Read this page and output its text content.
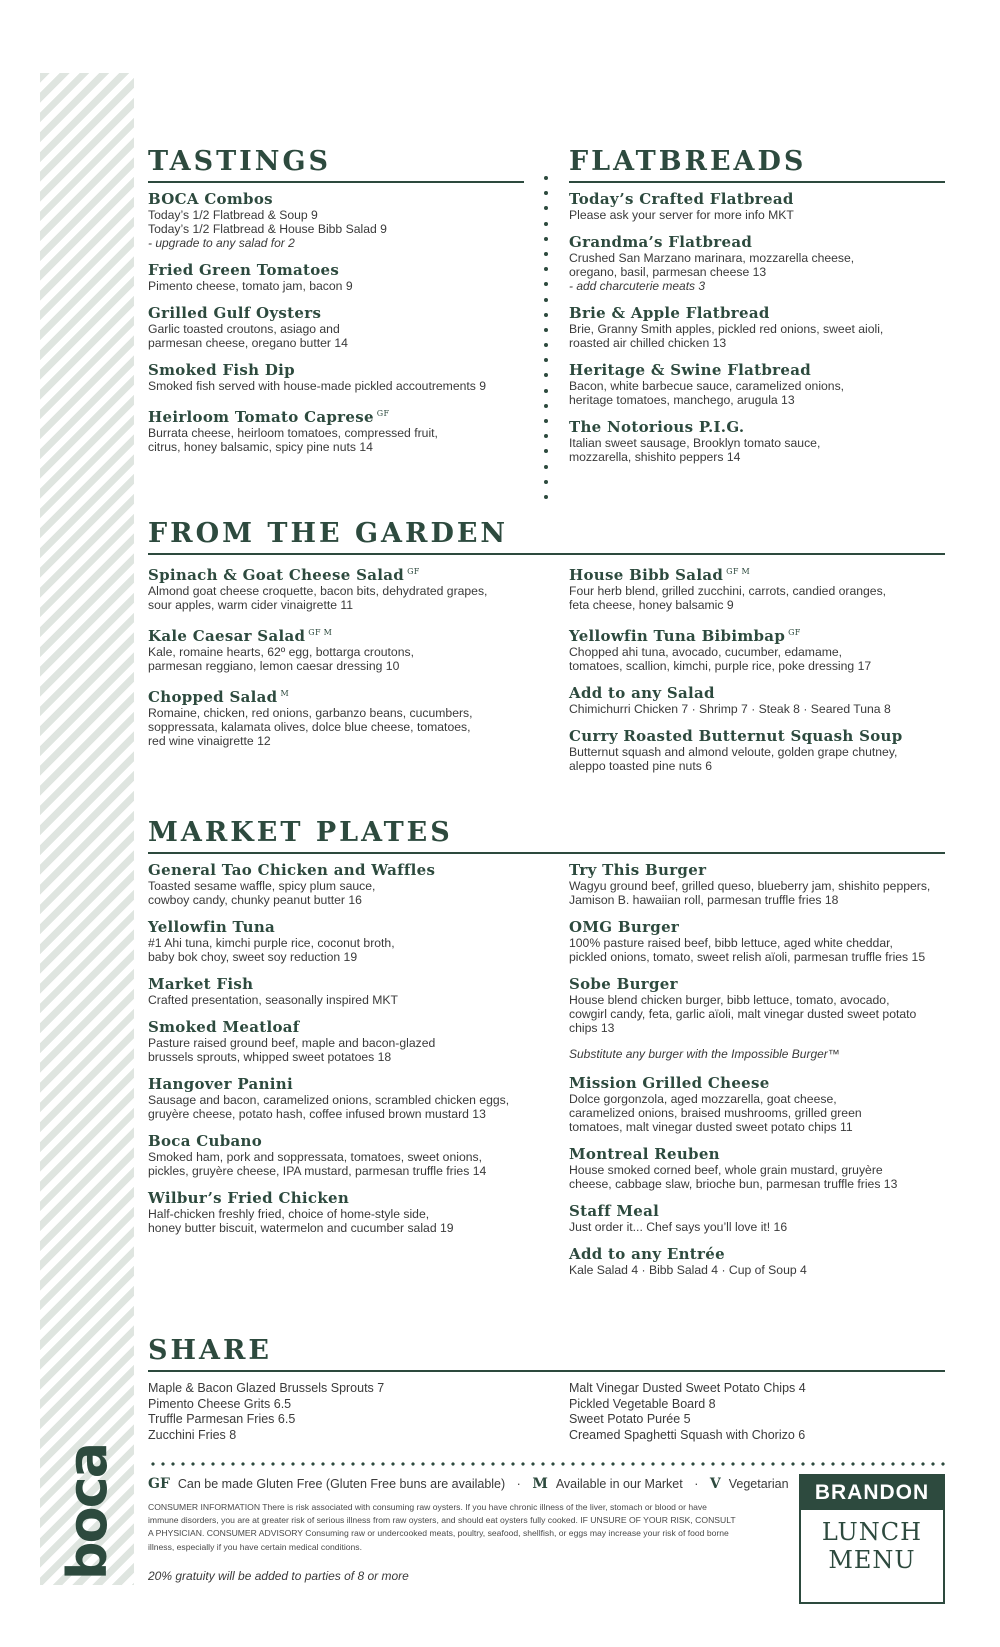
boca
TASTINGS
BOCA Combos
Today’s 1/2 Flatbread & Soup 9
Today’s 1/2 Flatbread & House Bibb Salad 9
- upgrade to any salad for 2
Fried Green Tomatoes
Pimento cheese, tomato jam, bacon 9
Grilled Gulf Oysters
Garlic toasted croutons, asiago and
parmesan cheese, oregano butter 14
Smoked Fish Dip
Smoked fish served with house-made pickled accoutrements 9
Heirloom Tomato Caprese $^{GF}$
Burrata cheese, heirloom tomatoes, compressed fruit,
citrus, honey balsamic, spicy pine nuts 14
FLATBREADS
Today’s Crafted Flatbread
Please ask your server for more info MKT
Grandma’s Flatbread
Crushed San Marzano marinara, mozzarella cheese,
oregano, basil, parmesan cheese 13
- add charcuterie meats 3
Brie & Apple Flatbread
Brie, Granny Smith apples, pickled red onions, sweet aioli,
roasted air chilled chicken 13
Heritage & Swine Flatbread
Bacon, white barbecue sauce, caramelized onions,
heritage tomatoes, manchego, arugula 13
The Notorious P.I.G.
Italian sweet sausage, Brooklyn tomato sauce,
mozzarella, shishito peppers 14
FROM THE GARDEN
Spinach & Goat Cheese Salad $^{GF}$
Almond goat cheese croquette, bacon bits, dehydrated grapes,
sour apples, warm cider vinaigrette 11
Kale Caesar Salad $^{GF M}$
Kale, romaine hearts, 62º egg, bottarga croutons,
parmesan reggiano, lemon caesar dressing 10
Chopped Salad $^M$
Romaine, chicken, red onions, garbanzo beans, cucumbers,
soppressata, kalamata olives, dolce blue cheese, tomatoes,
red wine vinaigrette 12
House Bibb Salad $^{GF M}$
Four herb blend, grilled zucchini, carrots, candied oranges,
feta cheese, honey balsamic 9
Yellowfin Tuna Bibimbap $^{GF}$
Chopped ahi tuna, avocado, cucumber, edamame,
tomatoes, scallion, kimchi, purple rice, poke dressing 17
Add to any Salad
Chimichurri Chicken 7 · Shrimp 7 · Steak 8 · Seared Tuna 8
Curry Roasted Butternut Squash Soup
Butternut squash and almond veloute, golden grape chutney,
aleppo toasted pine nuts 6
MARKET PLATES
General Tao Chicken and Waffles
Toasted sesame waffle, spicy plum sauce,
cowboy candy, chunky peanut butter 16
Yellowfin Tuna
#1 Ahi tuna, kimchi purple rice, coconut broth,
baby bok choy, sweet soy reduction 19
Market Fish
Crafted presentation, seasonally inspired MKT
Smoked Meatloaf
Pasture raised ground beef, maple and bacon-glazed
brussels sprouts, whipped sweet potatoes 18
Hangover Panini
Sausage and bacon, caramelized onions, scrambled chicken eggs,
gruyère cheese, potato hash, coffee infused brown mustard 13
Boca Cubano
Smoked ham, pork and soppressata, tomatoes, sweet onions,
pickles, gruyère cheese, IPA mustard, parmesan truffle fries 14
Wilbur’s Fried Chicken
Half-chicken freshly fried, choice of home-style side,
honey butter biscuit, watermelon and cucumber salad 19
Try This Burger
Wagyu ground beef, grilled queso, blueberry jam, shishito peppers,
Jamison B. hawaiian roll, parmesan truffle fries 18
OMG Burger
100% pasture raised beef, bibb lettuce, aged white cheddar,
pickled onions, tomato, sweet relish aïoli, parmesan truffle fries 15
Sobe Burger
House blend chicken burger, bibb lettuce, tomato, avocado,
cowgirl candy, feta, garlic aïoli, malt vinegar dusted sweet potato
chips 13
Substitute any burger with the Impossible Burger™
Mission Grilled Cheese
Dolce gorgonzola, aged mozzarella, goat cheese,
caramelized onions, braised mushrooms, grilled green
tomatoes, malt vinegar dusted sweet potato chips 11
Montreal Reuben
House smoked corned beef, whole grain mustard, gruyère
cheese, cabbage slaw, brioche bun, parmesan truffle fries 13
Staff Meal
Just order it... Chef says you’ll love it! 16
Add to any Entrée
Kale Salad 4 · Bibb Salad 4 · Cup of Soup 4
SHARE
Maple & Bacon Glazed Brussels Sprouts 7
Pimento Cheese Grits 6.5
Truffle Parmesan Fries 6.5
Zucchini Fries 8
Malt Vinegar Dusted Sweet Potato Chips 4
Pickled Vegetable Board 8
Sweet Potato Purée 5
Creamed Spaghetti Squash with Chorizo 6
GF Can be made Gluten Free (Gluten Free buns are available) · M Available in our Market · V Vegetarian
CONSUMER INFORMATION There is risk associated with consuming raw oysters. If you have chronic illness of the liver, stomach or blood or have immune disorders, you are at greater risk of serious illness from raw oysters, and should eat oysters fully cooked. IF UNSURE OF YOUR RISK, CONSULT A PHYSICIAN. CONSUMER ADVISORY Consuming raw or undercooked meats, poultry, seafood, shellfish, or eggs may increase your risk of food borne illness, especially if you have certain medical conditions.
20% gratuity will be added to parties of 8 or more
BRANDON
LUNCH
MENU
